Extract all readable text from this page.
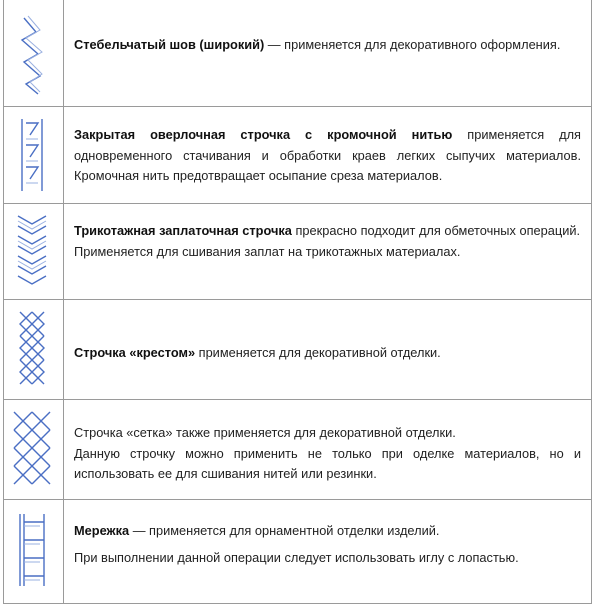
Стебельчатый шов (широкий) — применяется для декоративного оформления.

Закрытая оверлочная строчка с кромочной нитью применяется для одновременного стачивания и обработки краев легких сыпучих материалов. Кромочная нить предотвращает осыпание среза материалов.

Трикотажная заплаточная строчка прекрасно подходит для обметочных операций.

Применяется для сшивания заплат на трикотажных материалах.

Строчка «крестом» применяется для декоративной отделки.

Строчка «сетка» также применяется для декоративной отделки.

Данную строчку можно применить не только при оделке материалов, но и использовать ее для сшивания нитей или резинки.

Мережка — применяется для орнаментной отделки изделий.

При выполнении данной операции следует использовать иглу с лопастью.
